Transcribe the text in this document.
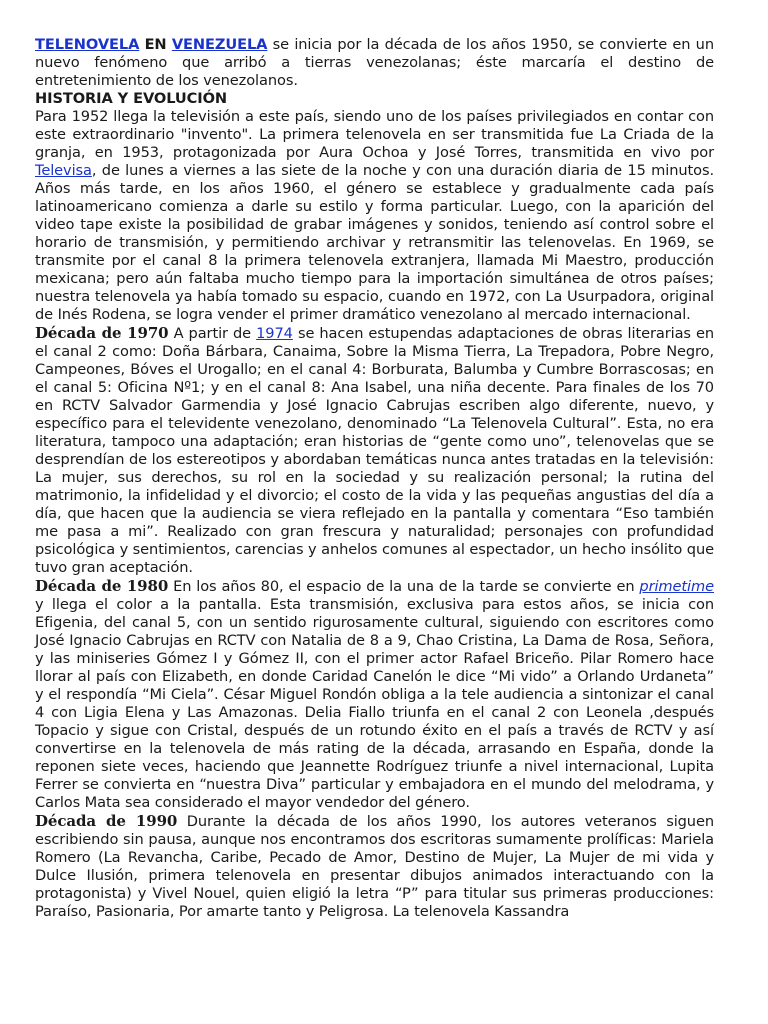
TELENOVELA EN VENEZUELA se inicia por la década de los años 1950, se convierte en un nuevo fenómeno que arribó a tierras venezolanas; éste marcaría el destino de entretenimiento de los venezolanos.

HISTORIA Y EVOLUCIÓN

Para 1952 llega la televisión a este país, siendo uno de los países privilegiados en contar con este extraordinario "invento". La primera telenovela en ser transmitida fue La Criada de la granja, en 1953, protagonizada por Aura Ochoa y José Torres, transmitida en vivo por Televisa, de lunes a viernes a las siete de la noche y con una duración diaria de 15 minutos. Años más tarde, en los años 1960, el género se establece y gradualmente cada país latinoamericano comienza a darle su estilo y forma particular. Luego, con la aparición del video tape existe la posibilidad de grabar imágenes y sonidos, teniendo así control sobre el horario de transmisión, y permitiendo archivar y retransmitir las telenovelas. En 1969, se transmite por el canal 8 la primera telenovela extranjera, llamada Mi Maestro, producción mexicana; pero aún faltaba mucho tiempo para la importación simultánea de otros países; nuestra telenovela ya había tomado su espacio, cuando en 1972, con La Usurpadora, original de Inés Rodena, se logra vender el primer dramático venezolano al mercado internacional.

Década de 1970 A partir de 1974 se hacen estupendas adaptaciones de obras literarias en el canal 2 como: Doña Bárbara, Canaima, Sobre la Misma Tierra, La Trepadora, Pobre Negro, Campeones, Bóves el Urogallo; en el canal 4: Borburata, Balumba y Cumbre Borrascosas; en el canal 5: Oficina Nº1; y en el canal 8: Ana Isabel, una niña decente. Para finales de los 70 en RCTV Salvador Garmendia y José Ignacio Cabrujas escriben algo diferente, nuevo, y específico para el televidente venezolano, denominado “La Telenovela Cultural”. Esta, no era literatura, tampoco una adaptación; eran historias de “gente como uno”, telenovelas que se desprendían de los estereotipos y abordaban temáticas nunca antes tratadas en la televisión: La mujer, sus derechos, su rol en la sociedad y su realización personal; la rutina del matrimonio, la infidelidad y el divorcio; el costo de la vida y las pequeñas angustias del día a día, que hacen que la audiencia se viera reflejado en la pantalla y comentara “Eso también me pasa a mi”. Realizado con gran frescura y naturalidad; personajes con profundidad psicológica y sentimientos, carencias y anhelos comunes al espectador, un hecho insólito que tuvo gran aceptación.

Década de 1980 En los años 80, el espacio de la una de la tarde se convierte en primetime y llega el color a la pantalla. Esta transmisión, exclusiva para estos años, se inicia con Efigenia, del canal 5, con un sentido rigurosamente cultural, siguiendo con escritores como José Ignacio Cabrujas en RCTV con Natalia de 8 a 9, Chao Cristina, La Dama de Rosa, Señora, y las miniseries Gómez I y Gómez II, con el primer actor Rafael Briceño. Pilar Romero hace llorar al país con Elizabeth, en donde Caridad Canelón le dice “Mi vido” a Orlando Urdaneta” y el respondía “Mi Ciela”. César Miguel Rondón obliga a la tele audiencia a sintonizar el canal 4 con Ligia Elena y Las Amazonas. Delia Fiallo triunfa en el canal 2 con Leonela ,después Topacio y sigue con Cristal, después de un rotundo éxito en el país a través de RCTV y así convertirse en la telenovela de más rating de la década, arrasando en España, donde la reponen siete veces, haciendo que Jeannette Rodríguez triunfe a nivel internacional, Lupita Ferrer se convierta en “nuestra Diva” particular y embajadora en el mundo del melodrama, y Carlos Mata sea considerado el mayor vendedor del género.

Década de 1990 Durante la década de los años 1990, los autores veteranos siguen escribiendo sin pausa, aunque nos encontramos dos escritoras sumamente prolíficas: Mariela Romero (La Revancha, Caribe, Pecado de Amor, Destino de Mujer, La Mujer de mi vida y Dulce Ilusión, primera telenovela en presentar dibujos animados interactuando con la protagonista) y Vivel Nouel, quien eligió la letra “P” para titular sus primeras producciones: Paraíso, Pasionaria, Por amarte tanto y Peligrosa. La telenovela Kassandra
